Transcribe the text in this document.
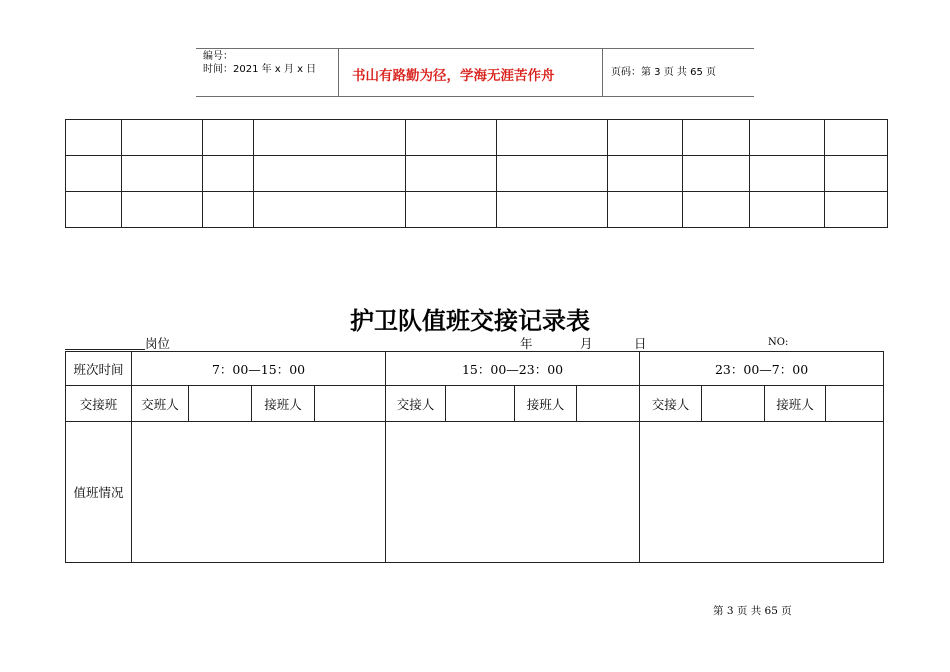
编号：
时间：2021 年 x 月 x 日	书山有路勤为径，学海无涯苦作舟	页码：第 3 页 共 65 页

护卫队值班交接记录表
岗位	年	月	日	NO:
班次时间	7：00—15：00				15：00—23：00				23：00—7：00			
交接班	交班人		接班人		交接人		接班人		交接人		接班人	
值班情况												
第 3 页 共 65 页
